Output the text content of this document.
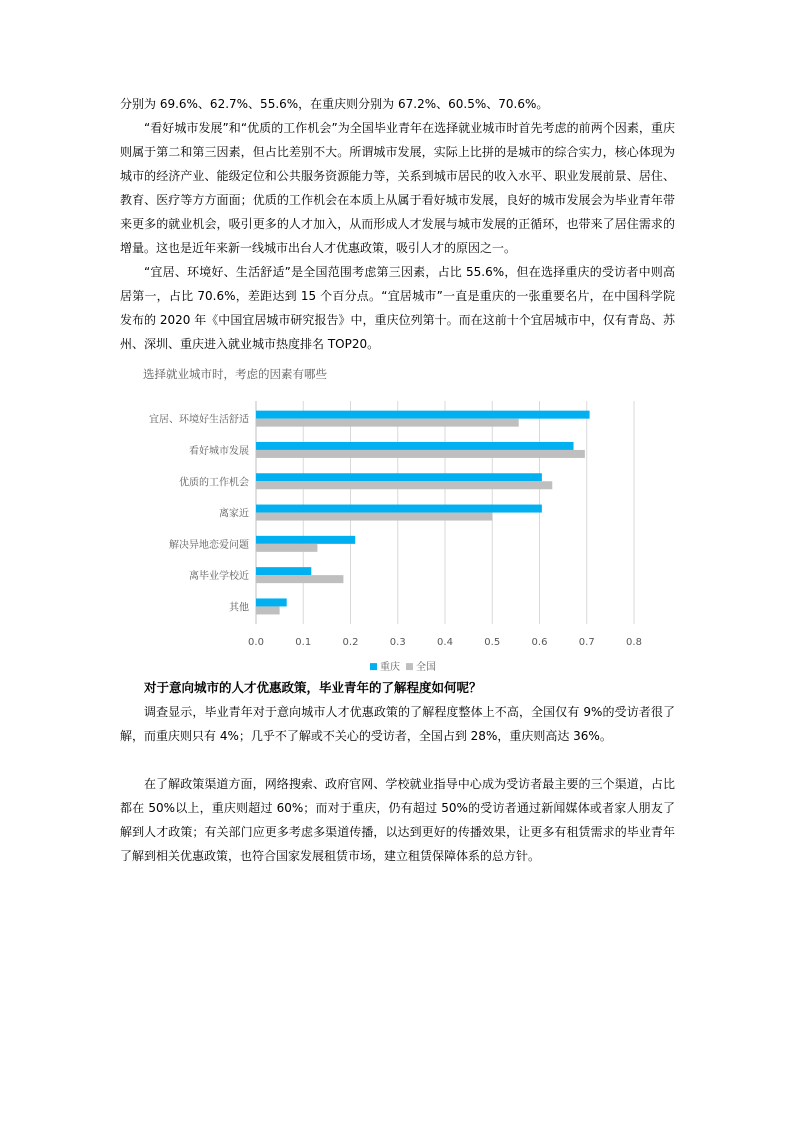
分别为 69.6%、62.7%、55.6%，在重庆则分别为 67.2%、60.5%、70.6%。

“看好城市发展”和“优质的工作机会”为全国毕业青年在选择就业城市时首先考虑的前两个因素，重庆则属于第二和第三因素，但占比差别不大。所谓城市发展，实际上比拼的是城市的综合实力，核心体现为城市的经济产业、能级定位和公共服务资源能力等，关系到城市居民的收入水平、职业发展前景、居住、教育、医疗等方方面面；优质的工作机会在本质上从属于看好城市发展，良好的城市发展会为毕业青年带来更多的就业机会，吸引更多的人才加入，从而形成人才发展与城市发展的正循环，也带来了居住需求的增量。这也是近年来新一线城市出台人才优惠政策，吸引人才的原因之一。

“宜居、环境好、生活舒适”是全国范围考虑第三因素，占比 55.6%，但在选择重庆的受访者中则高居第一，占比 70.6%，差距达到 15 个百分点。“宜居城市”一直是重庆的一张重要名片，在中国科学院发布的 2020 年《中国宜居城市研究报告》中，重庆位列第十。而在这前十个宜居城市中，仅有青岛、苏州、深圳、重庆进入就业城市热度排名 TOP20。

选择就业城市时，考虑的因素有哪些
0.0	0.1	0.2	0.3	0.4	0.5	0.6	0.7	0.8
宜居、环境好生活舒适
看好城市发展
优质的工作机会
离家近
解决异地恋爱问题
离毕业学校近
其他
重庆 全国

对于意向城市的人才优惠政策，毕业青年的了解程度如何呢？

调查显示，毕业青年对于意向城市人才优惠政策的了解程度整体上不高，全国仅有 9%的受访者很了解，而重庆则只有 4%；几乎不了解或不关心的受访者，全国占到 28%，重庆则高达 36%。

在了解政策渠道方面，网络搜索、政府官网、学校就业指导中心成为受访者最主要的三个渠道，占比都在 50%以上，重庆则超过 60%；而对于重庆，仍有超过 50%的受访者通过新闻媒体或者家人朋友了解到人才政策；有关部门应更多考虑多渠道传播，以达到更好的传播效果，让更多有租赁需求的毕业青年了解到相关优惠政策，也符合国家发展租赁市场，建立租赁保障体系的总方针。
